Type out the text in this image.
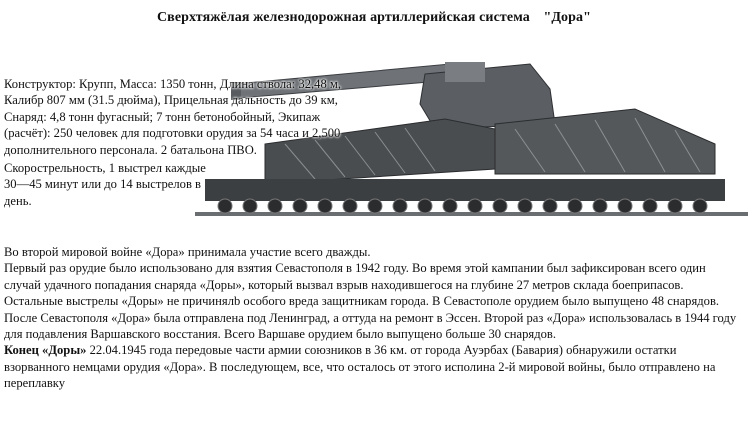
Сверхтяжёлая железнодорожная артиллерийская система "Дора"

Конструктор: Крупп, Масса: 1350 тонн, Длина ствола: 32,48 м, Калибр 807 мм (31.5 дюйма), Прицельная дальность до 39 км, Снаряд: 4,8 тонн фугасный; 7 тонн бетонобойный, Экипаж (расчёт): 250 человек для подготовки орудия за 54 часа и 2,500 дополнительного персонала. 2 батальона ПВО.

Скорострельность, 1 выстрел каждые 30—45 минут или до 14 выстрелов в день.

Во второй мировой войне «Дора» принимала участие всего дважды.

Первый раз орудие было использовано для взятия Севастополя в 1942 году. Во время этой кампании был зафиксирован всего один случай удачного попадания снаряда «Доры», который вызвал взрыв находившегося на глубине 27 метров склада боеприпасов. Остальные выстрелы «Доры» не причинялb особого вреда защитникам города. В Севастополе орудием было выпущено 48 снарядов. После Севастополя «Дора» была отправлена под Ленинград, а оттуда на ремонт в Эссен. Второй раз «Дора» использовалась в 1944 году для подавления Варшавского восстания. Всего Варшаве орудием было выпущено больше 30 снарядов.

Конец «Доры» 22.04.1945 года передовые части армии союзников в 36 км. от города Ауэрбах (Бавария) обнаружили остатки взорванного немцами орудия «Дора». В последующем, все, что осталось от этого исполина 2-й мировой войны, было отправлено на переплавку
